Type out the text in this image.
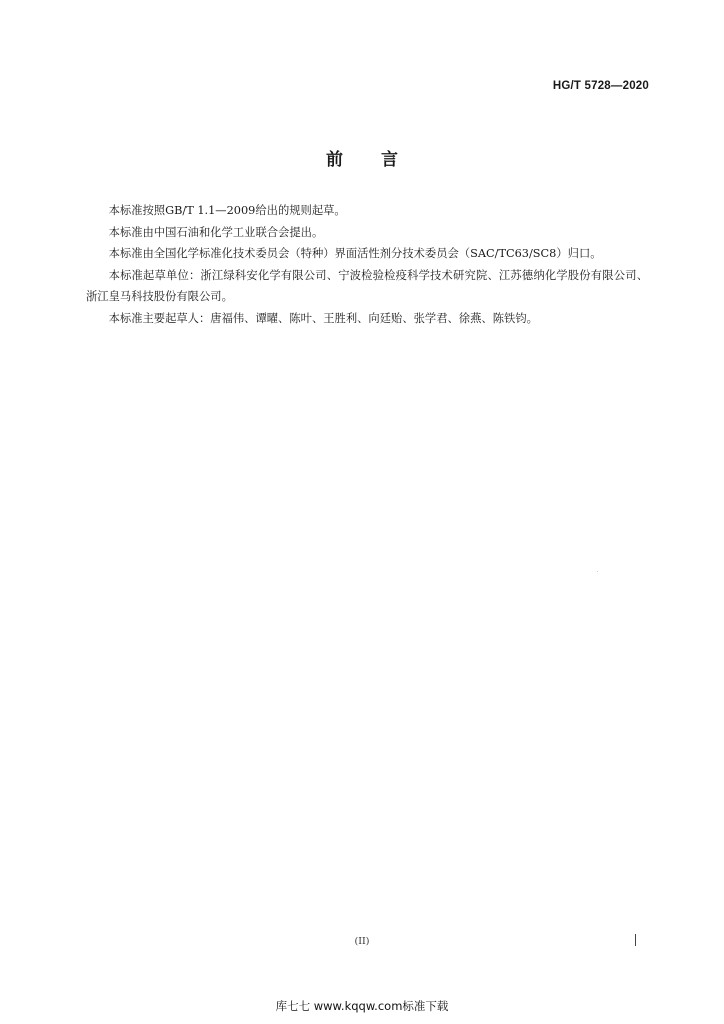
HG/T 5728—2020
前言

本标准按照GB/T 1.1—2009给出的规则起草。

本标准由中国石油和化学工业联合会提出。

本标准由全国化学标准化技术委员会（特种）界面活性剂分技术委员会（SAC/TC63/SC8）归口。

本标准起草单位：浙江绿科安化学有限公司、宁波检验检疫科学技术研究院、江苏德纳化学股份有限公司、浙江皇马科技股份有限公司。

本标准主要起草人：唐福伟、谭曜、陈叶、王胜利、向廷贻、张学君、徐燕、陈铁钧。

(II)
库七七 www.kqqw.com标准下载
